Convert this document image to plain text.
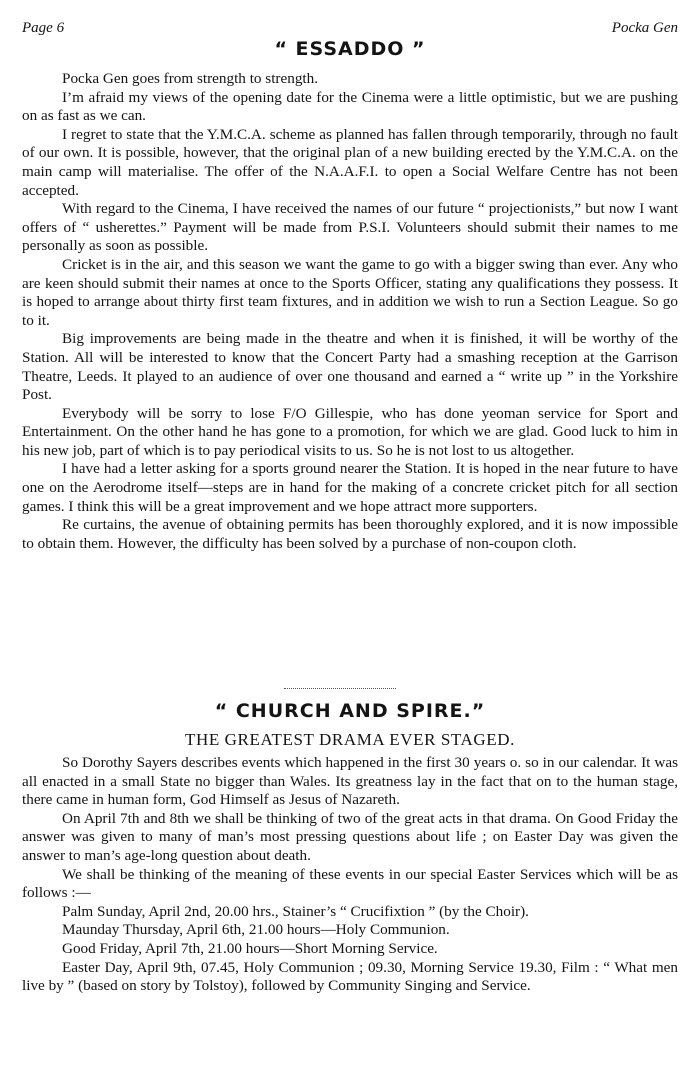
Page 6	Pocka Gen
“ ESSADDO ”

Pocka Gen goes from strength to strength.

I’m afraid my views of the opening date for the Cinema were a little optimistic, but we are pushing on as fast as we can.

I regret to state that the Y.M.C.A. scheme as planned has fallen through temporarily, through no fault of our own. It is possible, however, that the original plan of a new building erected by the Y.M.C.A. on the main camp will materialise. The offer of the N.A.A.F.I. to open a Social Welfare Centre has not been accepted.

With regard to the Cinema, I have received the names of our future “ projectionists,” but now I want offers of “ usherettes.” Payment will be made from P.S.I. Volunteers should submit their names to me personally as soon as possible.

Cricket is in the air, and this season we want the game to go with a bigger swing than ever. Any who are keen should submit their names at once to the Sports Officer, stating any qualifications they possess. It is hoped to arrange about thirty first team fixtures, and in addition we wish to run a Section League. So go to it.

Big improvements are being made in the theatre and when it is finished, it will be worthy of the Station. All will be interested to know that the Concert Party had a smashing reception at the Garrison Theatre, Leeds. It played to an audience of over one thousand and earned a “ write up ” in the Yorkshire Post.

Everybody will be sorry to lose F/O Gillespie, who has done yeoman service for Sport and Entertainment. On the other hand he has gone to a promotion, for which we are glad. Good luck to him in his new job, part of which is to pay periodical visits to us. So he is not lost to us altogether.

I have had a letter asking for a sports ground nearer the Station. It is hoped in the near future to have one on the Aerodrome itself—steps are in hand for the making of a concrete cricket pitch for all section games. I think this will be a great improvement and we hope attract more supporters.

Re curtains, the avenue of obtaining permits has been thoroughly explored, and it is now impossible to obtain them. However, the difficulty has been solved by a purchase of non-coupon cloth.

“ CHURCH AND SPIRE.”
THE GREATEST DRAMA EVER STAGED.

So Dorothy Sayers describes events which happened in the first 30 years o. so in our calendar. It was all enacted in a small State no bigger than Wales. Its greatness lay in the fact that on to the human stage, there came in human form, God Himself as Jesus of Nazareth.

On April 7th and 8th we shall be thinking of two of the great acts in that drama. On Good Friday the answer was given to many of man’s most pressing questions about life ; on Easter Day was given the answer to man’s age-long question about death.

We shall be thinking of the meaning of these events in our special Easter Services which will be as follows :—

Palm Sunday, April 2nd, 20.00 hrs., Stainer’s “ Crucifixtion ” (by the Choir).

Maunday Thursday, April 6th, 21.00 hours—Holy Communion.

Good Friday, April 7th, 21.00 hours—Short Morning Service.

Easter Day, April 9th, 07.45, Holy Communion ; 09.30, Morning Service 19.30, Film : “ What men live by ” (based on story by Tolstoy), followed by Community Singing and Service.
